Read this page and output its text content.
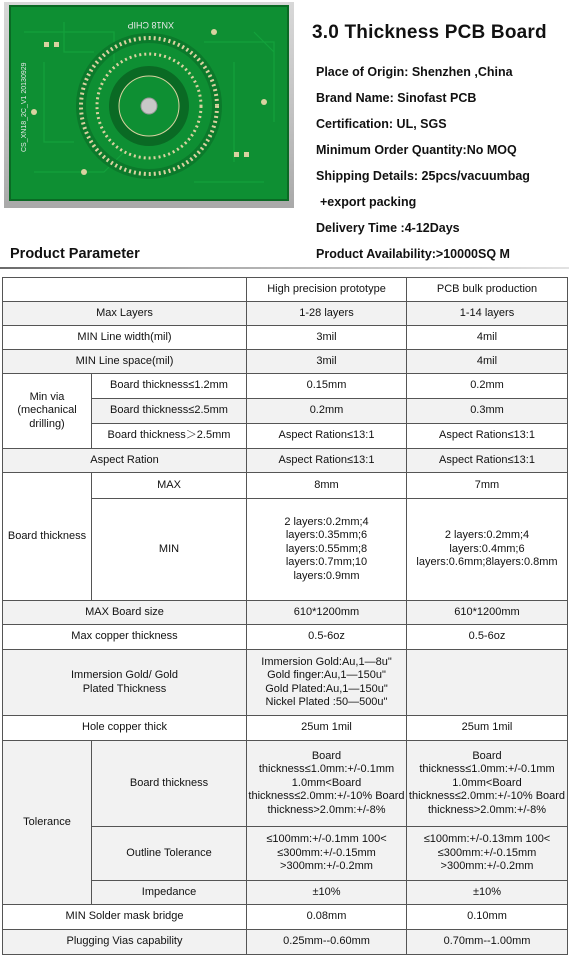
XN18 CHIP
CS_XN18_2C_V1 20130929
3.0 Thickness PCB Board
Place of Origin: Shenzhen ,China
Brand Name: Sinofast PCB
Certification: UL, SGS
Minimum Order Quantity:No MOQ
Shipping Details: 25pcs/vacuumbag
+export packing
Delivery Time :4-12Days
Product Availability:>10000SQ M
Product Parameter
		High precision prototype	PCB bulk production
Max Layers		1-28 layers	1-14 layers
MIN Line width(mil)		3mil	4mil
MIN Line space(mil)		3mil	4mil
Min via (mechanical drilling)	Board thickness≤1.2mm	0.15mm	0.2mm
	Board thickness≤2.5mm	0.2mm	0.3mm
	Board thickness＞2.5mm	Aspect Ration≤13:1	Aspect Ration≤13:1
Aspect Ration		Aspect Ration≤13:1	Aspect Ration≤13:1
Board thickness	MAX	8mm	7mm
	MIN	2 layers:0.2mm;4 layers:0.35mm;6 layers:0.55mm;8 layers:0.7mm;10 layers:0.9mm	2 layers:0.2mm;4 layers:0.4mm;6 layers:0.6mm;8layers:0.8mm
MAX Board size		610*1200mm	610*1200mm
Max copper thickness		0.5-6oz	0.5-6oz
Immersion Gold/ Gold Plated Thickness		Immersion Gold:Au,1—8u" Gold finger:Au,1—150u" Gold Plated:Au,1—150u" Nickel Plated :50—500u"	
Hole copper thick		25um 1mil	25um 1mil
Tolerance	Board thickness	Board thickness≤1.0mm:+/-0.1mm 1.0mm<Board thickness≤2.0mm:+/-10% Board thickness>2.0mm:+/-8%	Board thickness≤1.0mm:+/-0.1mm 1.0mm<Board thickness≤2.0mm:+/-10% Board thickness>2.0mm:+/-8%
	Outline Tolerance	≤100mm:+/-0.1mm 100< ≤300mm:+/-0.15mm >300mm:+/-0.2mm	≤100mm:+/-0.13mm 100< ≤300mm:+/-0.15mm >300mm:+/-0.2mm
	Impedance	±10%	±10%
MIN Solder mask bridge		0.08mm	0.10mm
Plugging Vias capability		0.25mm--0.60mm	0.70mm--1.00mm
